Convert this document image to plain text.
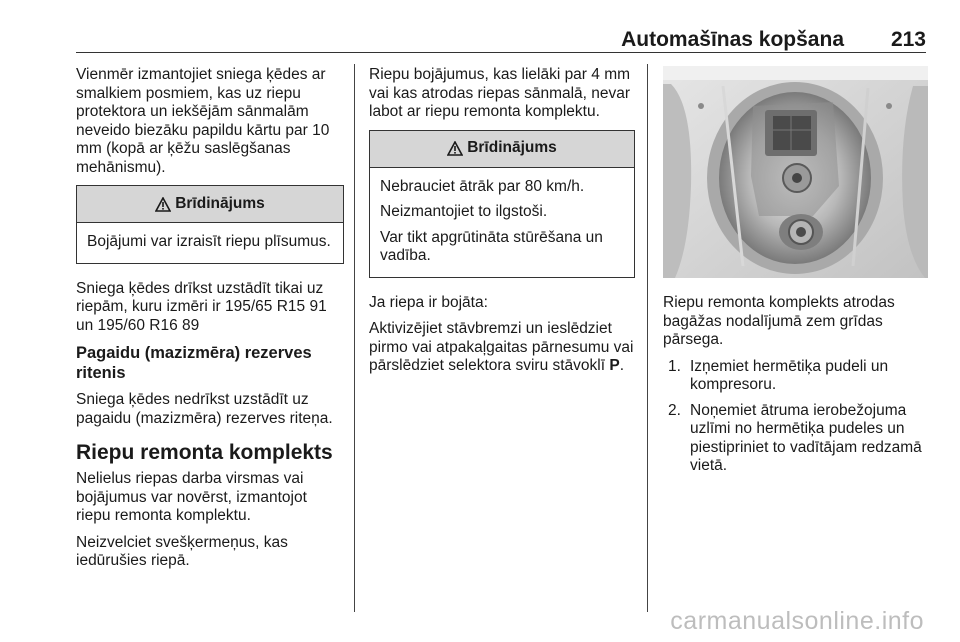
Automašīnas kopšana 213

Vienmēr izmantojiet sniega ķēdes ar smalkiem posmiem, kas uz riepu protektora un iekšējām sānmalām neveido biezāku papildu kārtu par 10 mm (kopā ar ķēžu saslēgšanas mehānismu).

Brīdinājums

Bojājumi var izraisīt riepu plīsumus.

Sniega ķēdes drīkst uzstādīt tikai uz riepām, kuru izmēri ir 195/65 R15 91 un 195/60 R16 89

Pagaidu (mazizmēra) rezerves ritenis

Sniega ķēdes nedrīkst uzstādīt uz pagaidu (mazizmēra) rezerves riteņa.

Riepu remonta komplekts

Nelielus riepas darba virsmas vai bojājumus var novērst, izmantojot riepu remonta komplektu.

Neizvelciet svešķermeņus, kas iedūrušies riepā.

Riepu bojājumus, kas lielāki par 4 mm vai kas atrodas riepas sānmalā, nevar labot ar riepu remonta komplektu.

Brīdinājums

Nebrauciet ātrāk par 80 km/h.

Neizmantojiet to ilgstoši.

Var tikt apgrūtināta stūrēšana un vadība.

Ja riepa ir bojāta:

Aktivizējiet stāvbremzi un ieslēdziet pirmo vai atpakaļgaitas pārnesumu vai pārslēdziet selektora sviru stāvoklī P.

Riepu remonta komplekts atrodas bagāžas nodalījumā zem grīdas pārsega.

1. Izņemiet hermētiķa pudeli un kompresoru.
2. Noņemiet ātruma ierobežojuma uzlīmi no hermētiķa pudeles un piestipriniet to vadītājam redzamā vietā.
carmanualsonline.info
